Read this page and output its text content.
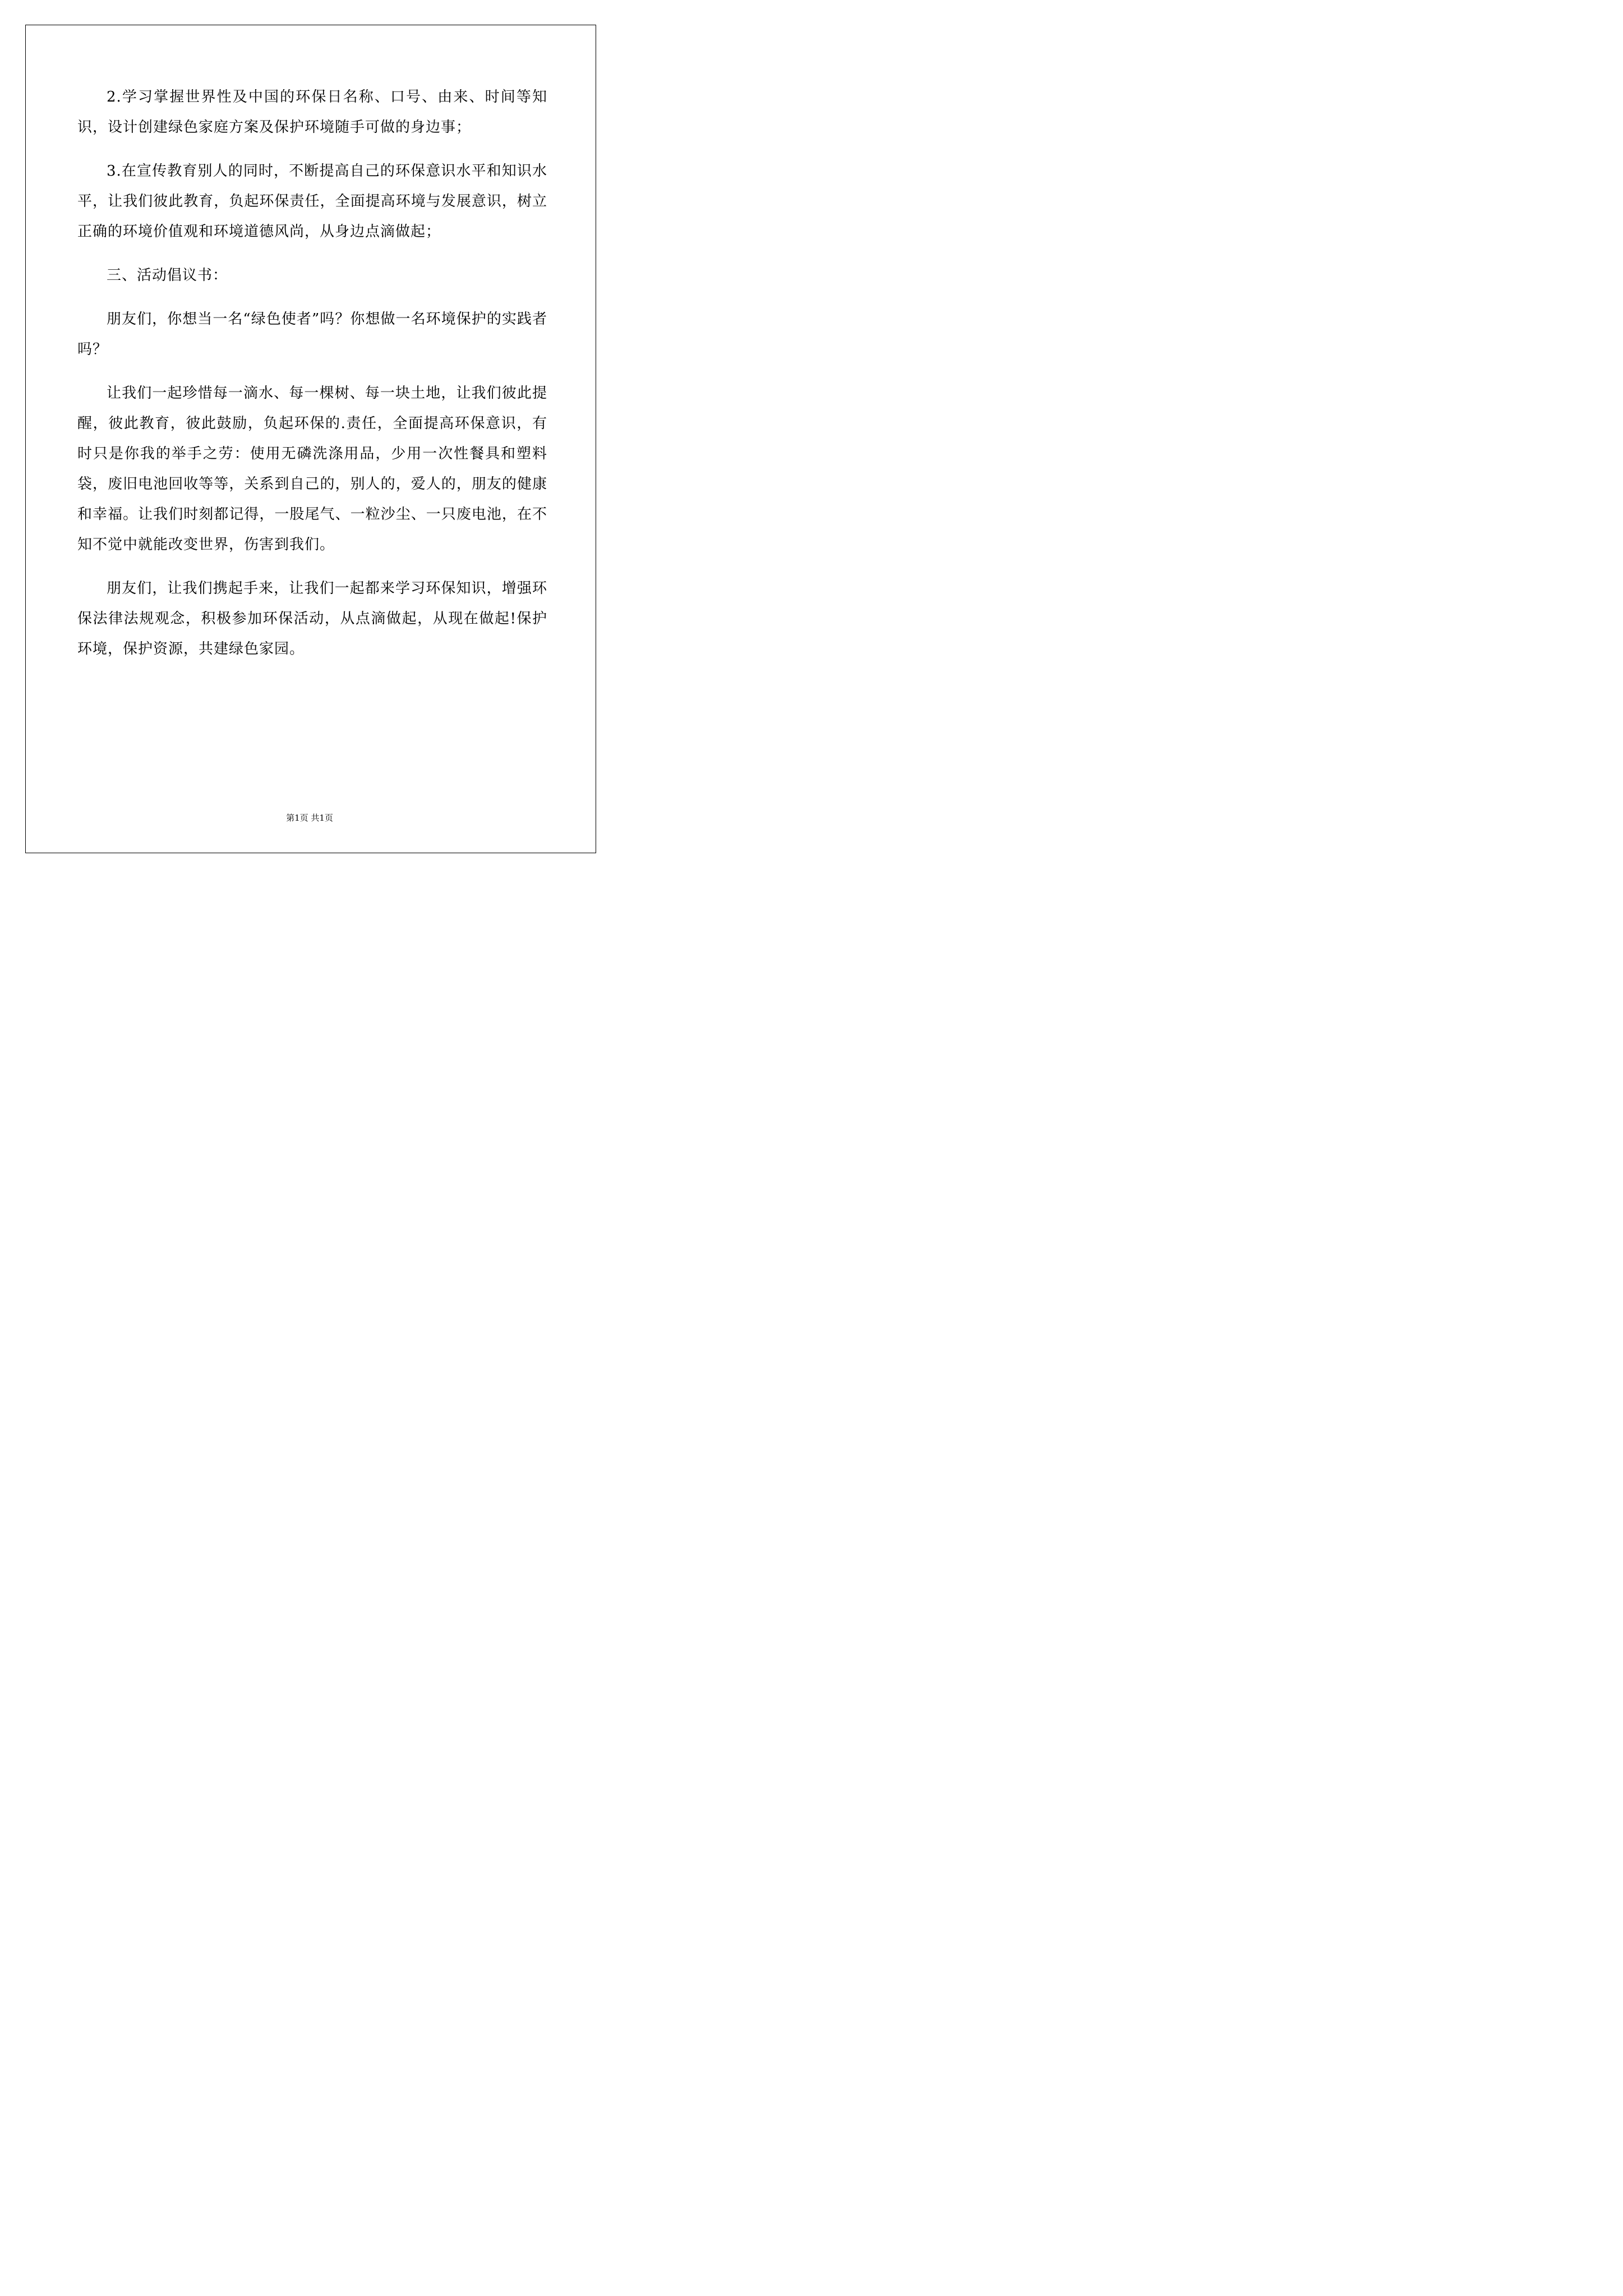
2.学习掌握世界性及中国的环保日名称、口号、由来、时间等知识，设计创建绿色家庭方案及保护环境随手可做的身边事；

3.在宣传教育别人的同时，不断提高自己的环保意识水平和知识水平，让我们彼此教育，负起环保责任，全面提高环境与发展意识，树立正确的环境价值观和环境道德风尚，从身边点滴做起；

三、活动倡议书：

朋友们，你想当一名“绿色使者”吗？你想做一名环境保护的实践者吗？

让我们一起珍惜每一滴水、每一棵树、每一块土地，让我们彼此提醒，彼此教育，彼此鼓励，负起环保的.责任，全面提高环保意识，有时只是你我的举手之劳：使用无磷洗涤用品，少用一次性餐具和塑料袋，废旧电池回收等等，关系到自己的，别人的，爱人的，朋友的健康和幸福。让我们时刻都记得，一股尾气、一粒沙尘、一只废电池，在不知不觉中就能改变世界，伤害到我们。

朋友们，让我们携起手来，让我们一起都来学习环保知识，增强环保法律法规观念，积极参加环保活动，从点滴做起，从现在做起!保护环境，保护资源，共建绿色家园。

第1页 共1页
